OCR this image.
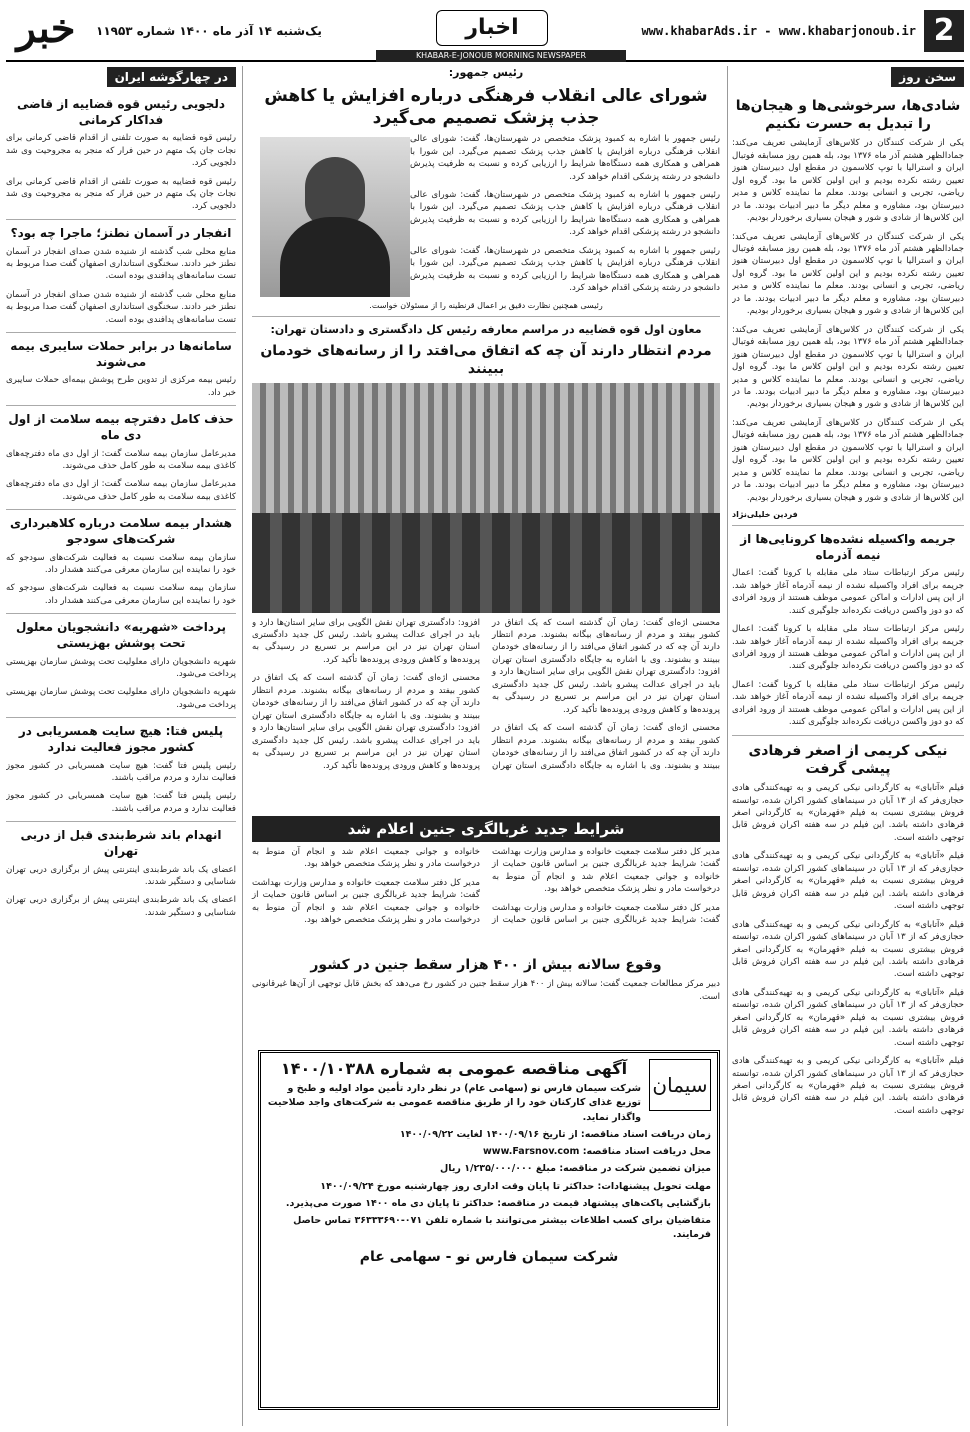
2
www.khabarAds.ir - www.khabarjonoub.ir
اخبار
یک‌شنبه ۱۴ آذر ماه ۱۴۰۰ شماره ۱۱۹۵۳
خبر
KHABAR-E-JONOUB MORNING NEWSPAPER
سخن روز
شادی‌ها، سرخوشی‌ها و هیجان‌ها را تبدیل به حسرت نکنیم

یکی از شرکت کنندگان در کلاس‌های آزمایشی تعریف می‌کند: جمادالظهر هشتم آذر ماه ۱۳۷۶ بود، بله همین روز مسابقه فوتبال ایران و استرالیا با توپ کلاسمون در مقطع اول دبیرستان هنوز تعیین رشته نکرده بودیم و این اولین کلاس ما بود. گروه اول ریاضی، تجربی و انسانی بودند. معلم ما نماینده کلاس و مدیر دبیرستان بود، مشاوره و معلم دیگر ما دبیر ادبیات بودند. ما در این کلاس‌ها از شادی و شور و هیجان بسیاری برخوردار بودیم.

یکی از شرکت کنندگان در کلاس‌های آزمایشی تعریف می‌کند: جمادالظهر هشتم آذر ماه ۱۳۷۶ بود، بله همین روز مسابقه فوتبال ایران و استرالیا با توپ کلاسمون در مقطع اول دبیرستان هنوز تعیین رشته نکرده بودیم و این اولین کلاس ما بود. گروه اول ریاضی، تجربی و انسانی بودند. معلم ما نماینده کلاس و مدیر دبیرستان بود، مشاوره و معلم دیگر ما دبیر ادبیات بودند. ما در این کلاس‌ها از شادی و شور و هیجان بسیاری برخوردار بودیم.

یکی از شرکت کنندگان در کلاس‌های آزمایشی تعریف می‌کند: جمادالظهر هشتم آذر ماه ۱۳۷۶ بود، بله همین روز مسابقه فوتبال ایران و استرالیا با توپ کلاسمون در مقطع اول دبیرستان هنوز تعیین رشته نکرده بودیم و این اولین کلاس ما بود. گروه اول ریاضی، تجربی و انسانی بودند. معلم ما نماینده کلاس و مدیر دبیرستان بود، مشاوره و معلم دیگر ما دبیر ادبیات بودند. ما در این کلاس‌ها از شادی و شور و هیجان بسیاری برخوردار بودیم.

یکی از شرکت کنندگان در کلاس‌های آزمایشی تعریف می‌کند: جمادالظهر هشتم آذر ماه ۱۳۷۶ بود، بله همین روز مسابقه فوتبال ایران و استرالیا با توپ کلاسمون در مقطع اول دبیرستان هنوز تعیین رشته نکرده بودیم و این اولین کلاس ما بود. گروه اول ریاضی، تجربی و انسانی بودند. معلم ما نماینده کلاس و مدیر دبیرستان بود، مشاوره و معلم دیگر ما دبیر ادبیات بودند. ما در این کلاس‌ها از شادی و شور و هیجان بسیاری برخوردار بودیم.

فردین خلیلی‌نژاد
جریمه واکسیله نشده‌ها کرونایی‌ها از نیمه آذرماه

رئیس مرکز ارتباطات ستاد ملی مقابله با کرونا گفت: اعمال جریمه برای افراد واکسیله نشده از نیمه آذرماه آغاز خواهد شد. از این پس ادارات و اماکن عمومی موظف هستند از ورود افرادی که دو دوز واکسن دریافت نکرده‌اند جلوگیری کنند.

رئیس مرکز ارتباطات ستاد ملی مقابله با کرونا گفت: اعمال جریمه برای افراد واکسیله نشده از نیمه آذرماه آغاز خواهد شد. از این پس ادارات و اماکن عمومی موظف هستند از ورود افرادی که دو دوز واکسن دریافت نکرده‌اند جلوگیری کنند.

رئیس مرکز ارتباطات ستاد ملی مقابله با کرونا گفت: اعمال جریمه برای افراد واکسیله نشده از نیمه آذرماه آغاز خواهد شد. از این پس ادارات و اماکن عمومی موظف هستند از ورود افرادی که دو دوز واکسن دریافت نکرده‌اند جلوگیری کنند.

نیکی کریمی از اصغر فرهادی پیشی گرفت

فیلم «آتابای» به کارگردانی نیکی کریمی و به تهیه‌کنندگی هادی حجازی‌فر که از ۱۳ آبان در سینماهای کشور اکران شده، توانسته فروش بیشتری نسبت به فیلم «قهرمان» به کارگردانی اصغر فرهادی داشته باشد. این فیلم در سه هفته اکران فروش قابل توجهی داشته است.

فیلم «آتابای» به کارگردانی نیکی کریمی و به تهیه‌کنندگی هادی حجازی‌فر که از ۱۳ آبان در سینماهای کشور اکران شده، توانسته فروش بیشتری نسبت به فیلم «قهرمان» به کارگردانی اصغر فرهادی داشته باشد. این فیلم در سه هفته اکران فروش قابل توجهی داشته است.

فیلم «آتابای» به کارگردانی نیکی کریمی و به تهیه‌کنندگی هادی حجازی‌فر که از ۱۳ آبان در سینماهای کشور اکران شده، توانسته فروش بیشتری نسبت به فیلم «قهرمان» به کارگردانی اصغر فرهادی داشته باشد. این فیلم در سه هفته اکران فروش قابل توجهی داشته است.

فیلم «آتابای» به کارگردانی نیکی کریمی و به تهیه‌کنندگی هادی حجازی‌فر که از ۱۳ آبان در سینماهای کشور اکران شده، توانسته فروش بیشتری نسبت به فیلم «قهرمان» به کارگردانی اصغر فرهادی داشته باشد. این فیلم در سه هفته اکران فروش قابل توجهی داشته است.

فیلم «آتابای» به کارگردانی نیکی کریمی و به تهیه‌کنندگی هادی حجازی‌فر که از ۱۳ آبان در سینماهای کشور اکران شده، توانسته فروش بیشتری نسبت به فیلم «قهرمان» به کارگردانی اصغر فرهادی داشته باشد. این فیلم در سه هفته اکران فروش قابل توجهی داشته است.

رئیس جمهور:
شورای عالی انقلاب فرهنگی درباره افزایش یا کاهش جذب پزشک تصمیم می‌گیرد

رئیس جمهور با اشاره به کمبود پزشک متخصص در شهرستان‌ها، گفت: شورای عالی انقلاب فرهنگی درباره افزایش یا کاهش جذب پزشک تصمیم می‌گیرد. این شورا با همراهی و همکاری همه دستگاه‌ها شرایط را ارزیابی کرده و نسبت به ظرفیت پذیرش دانشجو در رشته پزشکی اقدام خواهد کرد.

رئیس جمهور با اشاره به کمبود پزشک متخصص در شهرستان‌ها، گفت: شورای عالی انقلاب فرهنگی درباره افزایش یا کاهش جذب پزشک تصمیم می‌گیرد. این شورا با همراهی و همکاری همه دستگاه‌ها شرایط را ارزیابی کرده و نسبت به ظرفیت پذیرش دانشجو در رشته پزشکی اقدام خواهد کرد.

رئیس جمهور با اشاره به کمبود پزشک متخصص در شهرستان‌ها، گفت: شورای عالی انقلاب فرهنگی درباره افزایش یا کاهش جذب پزشک تصمیم می‌گیرد. این شورا با همراهی و همکاری همه دستگاه‌ها شرایط را ارزیابی کرده و نسبت به ظرفیت پذیرش دانشجو در رشته پزشکی اقدام خواهد کرد.

رئیسی همچنین نظارت دقیق بر اعمال قرنطینه را از مسئولان خواست.
معاون اول قوه قضاییه در مراسم معارفه رئیس کل دادگستری و دادستان تهران:
مردم انتظار دارند آن چه که اتفاق می‌افتد را از رسانه‌های خودمان ببینند

محسنی اژه‌ای گفت: زمان آن گذشته است که یک اتفاق در کشور بیفتد و مردم از رسانه‌های بیگانه بشنوند. مردم انتظار دارند آن چه که در کشور اتفاق می‌افتد را از رسانه‌های خودمان ببینند و بشنوند. وی با اشاره به جایگاه دادگستری استان تهران افزود: دادگستری تهران نقش الگویی برای سایر استان‌ها دارد و باید در اجرای عدالت پیشرو باشد. رئیس کل جدید دادگستری استان تهران نیز در این مراسم بر تسریع در رسیدگی به پرونده‌ها و کاهش ورودی پرونده‌ها تأکید کرد.

محسنی اژه‌ای گفت: زمان آن گذشته است که یک اتفاق در کشور بیفتد و مردم از رسانه‌های بیگانه بشنوند. مردم انتظار دارند آن چه که در کشور اتفاق می‌افتد را از رسانه‌های خودمان ببینند و بشنوند. وی با اشاره به جایگاه دادگستری استان تهران افزود: دادگستری تهران نقش الگویی برای سایر استان‌ها دارد و باید در اجرای عدالت پیشرو باشد. رئیس کل جدید دادگستری استان تهران نیز در این مراسم بر تسریع در رسیدگی به پرونده‌ها و کاهش ورودی پرونده‌ها تأکید کرد.

محسنی اژه‌ای گفت: زمان آن گذشته است که یک اتفاق در کشور بیفتد و مردم از رسانه‌های بیگانه بشنوند. مردم انتظار دارند آن چه که در کشور اتفاق می‌افتد را از رسانه‌های خودمان ببینند و بشنوند. وی با اشاره به جایگاه دادگستری استان تهران افزود: دادگستری تهران نقش الگویی برای سایر استان‌ها دارد و باید در اجرای عدالت پیشرو باشد. رئیس کل جدید دادگستری استان تهران نیز در این مراسم بر تسریع در رسیدگی به پرونده‌ها و کاهش ورودی پرونده‌ها تأکید کرد.

شرایط جدید غربالگری جنین اعلام شد

مدیر کل دفتر سلامت جمعیت خانواده و مدارس وزارت بهداشت گفت: شرایط جدید غربالگری جنین بر اساس قانون حمایت از خانواده و جوانی جمعیت اعلام شد و انجام آن منوط به درخواست مادر و نظر پزشک متخصص خواهد بود.

مدیر کل دفتر سلامت جمعیت خانواده و مدارس وزارت بهداشت گفت: شرایط جدید غربالگری جنین بر اساس قانون حمایت از خانواده و جوانی جمعیت اعلام شد و انجام آن منوط به درخواست مادر و نظر پزشک متخصص خواهد بود.

مدیر کل دفتر سلامت جمعیت خانواده و مدارس وزارت بهداشت گفت: شرایط جدید غربالگری جنین بر اساس قانون حمایت از خانواده و جوانی جمعیت اعلام شد و انجام آن منوط به درخواست مادر و نظر پزشک متخصص خواهد بود.

سیمان
آگهی مناقصه عمومی به شماره ۱۴۰۰/۱۰۳۸۸

شرکت سیمان فارس نو (سهامی عام) در نظر دارد تأمین مواد اولیه و طبخ و توزیع غذای کارکنان خود را از طریق مناقصه عمومی به شرکت‌های واجد صلاحیت واگذار نماید.

زمان دریافت اسناد مناقصه: از تاریخ ۱۴۰۰/۰۹/۱۶ لغایت ۱۴۰۰/۰۹/۲۲

محل دریافت اسناد مناقصه: www.Farsnov.com

میزان تضمین شرکت در مناقصه: مبلغ ۱/۲۳۵/۰۰۰/۰۰۰ ریال

مهلت تحویل پیشنهادات: حداکثر تا پایان وقت اداری روز چهارشنبه مورخ ۱۴۰۰/۰۹/۲۴

بازگشایی پاکت‌های پیشنهاد قیمت در مناقصه: حداکثر تا پایان دی ماه ۱۴۰۰ صورت می‌پذیرد.

متقاضیان برای کسب اطلاعات بیشتر می‌توانند با شماره تلفن ۰۷۱-۳۶۳۳۳۶۹۰ تماس حاصل فرمایند.

شرکت سیمان فارس نو - سهامی عام
در چهارگوشه ایران
دلجویی رئیس قوه قضاییه از قاضی فداکار کرمانی

رئیس قوه قضاییه به صورت تلفنی از اقدام قاضی کرمانی برای نجات جان یک متهم در حین فرار که منجر به مجروحیت وی شد دلجویی کرد.

رئیس قوه قضاییه به صورت تلفنی از اقدام قاضی کرمانی برای نجات جان یک متهم در حین فرار که منجر به مجروحیت وی شد دلجویی کرد.

انفجار در آسمان نطنز؛ ماجرا چه بود؟

منابع محلی شب گذشته از شنیده شدن صدای انفجار در آسمان نطنز خبر دادند. سخنگوی استانداری اصفهان گفت صدا مربوط به تست سامانه‌های پدافندی بوده است.

منابع محلی شب گذشته از شنیده شدن صدای انفجار در آسمان نطنز خبر دادند. سخنگوی استانداری اصفهان گفت صدا مربوط به تست سامانه‌های پدافندی بوده است.

سامانه‌ها در برابر حملات سایبری بیمه می‌شوند

رئیس بیمه مرکزی از تدوین طرح پوشش بیمه‌ای حملات سایبری خبر داد.

حذف کامل دفترچه بیمه سلامت از اول دی ماه

مدیرعامل سازمان بیمه سلامت گفت: از اول دی ماه دفترچه‌های کاغذی بیمه سلامت به طور کامل حذف می‌شوند.

مدیرعامل سازمان بیمه سلامت گفت: از اول دی ماه دفترچه‌های کاغذی بیمه سلامت به طور کامل حذف می‌شوند.

هشدار بیمه سلامت درباره کلاهبرداری شرکت‌های سودجو

سازمان بیمه سلامت نسبت به فعالیت شرکت‌های سودجو که خود را نماینده این سازمان معرفی می‌کنند هشدار داد.

سازمان بیمه سلامت نسبت به فعالیت شرکت‌های سودجو که خود را نماینده این سازمان معرفی می‌کنند هشدار داد.

پرداخت «شهریه» دانشجویان معلول تحت پوشش بهزیستی

شهریه دانشجویان دارای معلولیت تحت پوشش سازمان بهزیستی پرداخت می‌شود.

شهریه دانشجویان دارای معلولیت تحت پوشش سازمان بهزیستی پرداخت می‌شود.

پلیس فتا: هیچ سایت همسریابی در کشور مجوز فعالیت ندارد

رئیس پلیس فتا گفت: هیچ سایت همسریابی در کشور مجوز فعالیت ندارد و مردم مراقب باشند.

رئیس پلیس فتا گفت: هیچ سایت همسریابی در کشور مجوز فعالیت ندارد و مردم مراقب باشند.

انهدام باند شرط‌بندی قبل از دربی تهران

اعضای یک باند شرط‌بندی اینترنتی پیش از برگزاری دربی تهران شناسایی و دستگیر شدند.

اعضای یک باند شرط‌بندی اینترنتی پیش از برگزاری دربی تهران شناسایی و دستگیر شدند.

وقوع سالانه بیش از ۴۰۰ هزار سقط جنین در کشور

دبیر مرکز مطالعات جمعیت گفت: سالانه بیش از ۴۰۰ هزار سقط جنین در کشور رخ می‌دهد که بخش قابل توجهی از آن‌ها غیرقانونی است.
